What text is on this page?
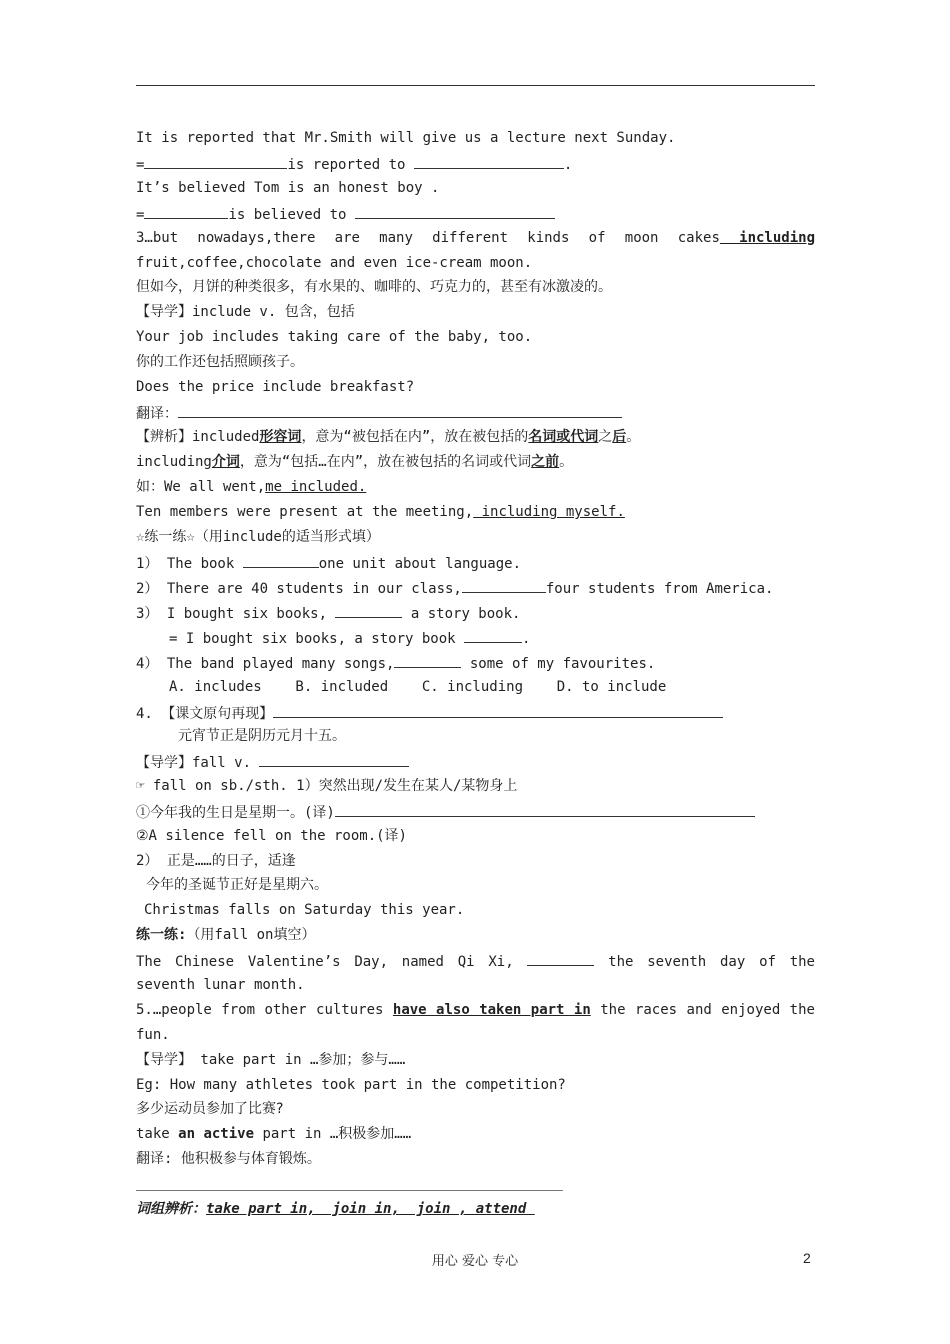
It is reported that Mr.Smith will give us a lecture next Sunday.
=	is reported to	.
It’s believed Tom is an honest boy .
=	is believed to
3…but nowadays,there are many different kinds of moon cakes including
fruit,coffee,chocolate and even ice-cream moon.
但如今，月饼的种类很多，有水果的、咖啡的、巧克力的，甚至有冰激凌的。
【导学】include v. 包含，包括
Your job includes taking care of the baby, too.
你的工作还包括照顾孩子。
Does the price include breakfast?
翻译：
【辨析】included形容词，意为“被包括在内”，放在被包括的名词或代词之后。
including介词，意为“包括…在内”，放在被包括的名词或代词之前。
如：We all went,me included.
Ten members were present at the meeting, including myself.
☆练一练☆（用include的适当形式填）
1） The book	one unit about language.
2） There are 40 students in our class,	four students from America.
3） I bought six books,	a story book.
= I bought six books, a story book	.
4） The band played many songs,	some of my favourites.
A. includes    B. included    C. including    D. to include
4. 【课文原句再现】
元宵节正是阴历元月十五。
【导学】fall v.
☞ fall on sb./sth. 1）突然出现/发生在某人/某物身上
①今年我的生日是星期一。(译)
②A silence fell on the room.(译)
2） 正是……的日子，适逢
今年的圣诞节正好是星期六。
Christmas falls on Saturday this year.
练一练:（用fall on填空）
The Chinese Valentine’s Day, named Qi Xi,	the seventh day of the
seventh lunar month.
5.…people from other cultures have also taken part in the races and enjoyed the
fun.
【导学】 take part in …参加；参与……
Eg: How many athletes took part in the competition?
多少运动员参加了比赛?
take an active part in …积极参加……
翻译: 他积极参与体育锻炼。
词组辨析：take part in,  join in,  join , attend
用心 爱心 专心	2
